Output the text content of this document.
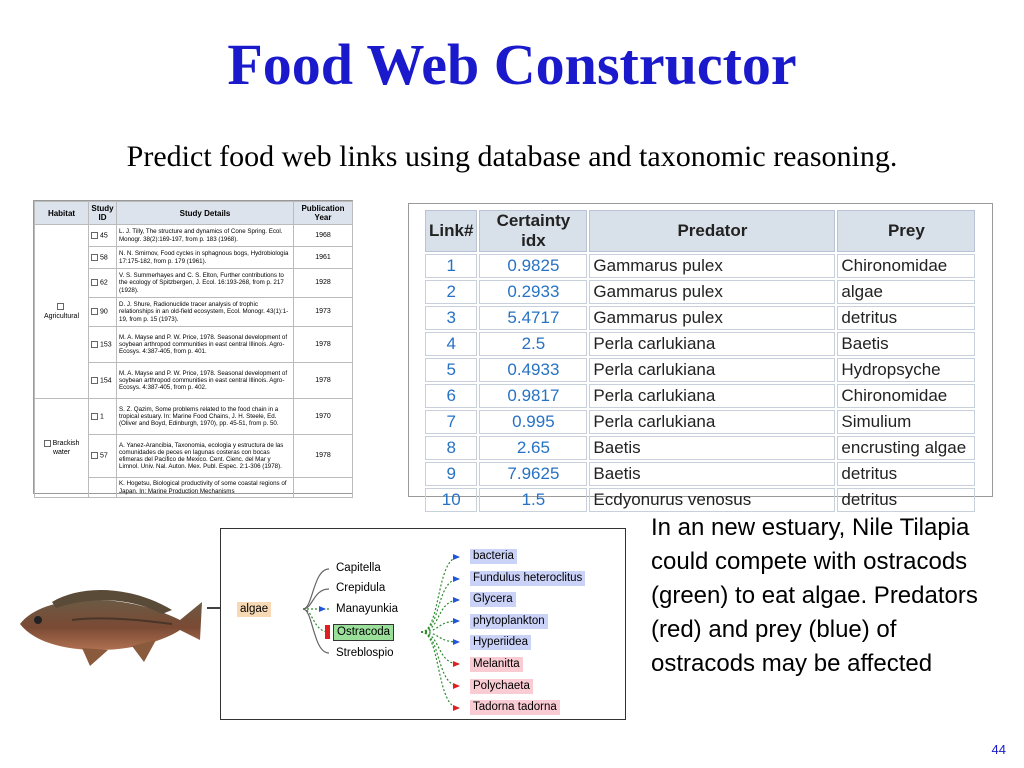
Food Web Constructor
Predict food web links using database and taxonomic reasoning.
Habitat	Study ID	Study Details	Publication Year

Agricultural	45	L. J. Tilly, The structure and dynamics of Cone Spring. Ecol. Monogr. 38(2):169-197, from p. 183 (1968).	1968
	58	N. N. Smirnov, Food cycles in sphagnous bogs, Hydrobiologia 17:175-182, from p. 179 (1961).	1961
	62	V. S. Summerhayes and C. S. Elton, Further contributions to the ecology of Spitzbergen, J. Ecol. 16:193-268, from p. 217 (1928).	1928
	90	D. J. Shure, Radionuclide tracer analysis of trophic relationships in an old-field ecosystem, Ecol. Monogr. 43(1):1-19, from p. 15 (1973).	1973
	153	M. A. Mayse and P. W. Price, 1978. Seasonal development of soybean arthropod communities in east central Illinois. Agro-Ecosys. 4:387-405, from p. 401.	1978
	154	M. A. Mayse and P. W. Price, 1978. Seasonal development of soybean arthropod communities in east central Illinois. Agro-Ecosys. 4:387-405, from p. 402.	1978
Brackish water	1	S. Z. Qazim, Some problems related to the food chain in a tropical estuary. In: Marine Food Chains, J. H. Steele, Ed. (Oliver and Boyd, Edinburgh, 1970), pp. 45-51, from p. 50.	1970
	57	A. Yanez-Arancibia, Taxonomia, ecologia y estructura de las comunidades de peces en lagunas costeras con bocas efimeras del Pacifico de Mexico. Cent. Cienc. del Mar y Limnol. Univ. Nal. Auton. Mex. Publ. Espec. 2:1-306 (1978).	1978
		K. Hogetsu, Biological productivity of some coastal regions of Japan. In: Marine Production Mechanisms	
Link#	Certainty idx	Predator	Prey
1	0.9825	Gammarus pulex	Chironomidae
2	0.2933	Gammarus pulex	algae
3	5.4717	Gammarus pulex	detritus
4	2.5	Perla carlukiana	Baetis
5	0.4933	Perla carlukiana	Hydropsyche
6	0.9817	Perla carlukiana	Chironomidae
7	0.995	Perla carlukiana	Simulium
8	2.65	Baetis	encrusting algae
9	7.9625	Baetis	detritus
10	1.5	Ecdyonurus venosus	detritus
algae
Capitella
Crepidula
Manayunkia
Ostracoda
Streblospio
bacteria
Fundulus heteroclitus
Glycera
phytoplankton
Hyperiidea
Melanitta
Polychaeta
Tadorna tadorna
In an new estuary, Nile Tilapia could compete with ostracods (green) to eat algae. Predators (red) and prey (blue) of ostracods may be affected
44
